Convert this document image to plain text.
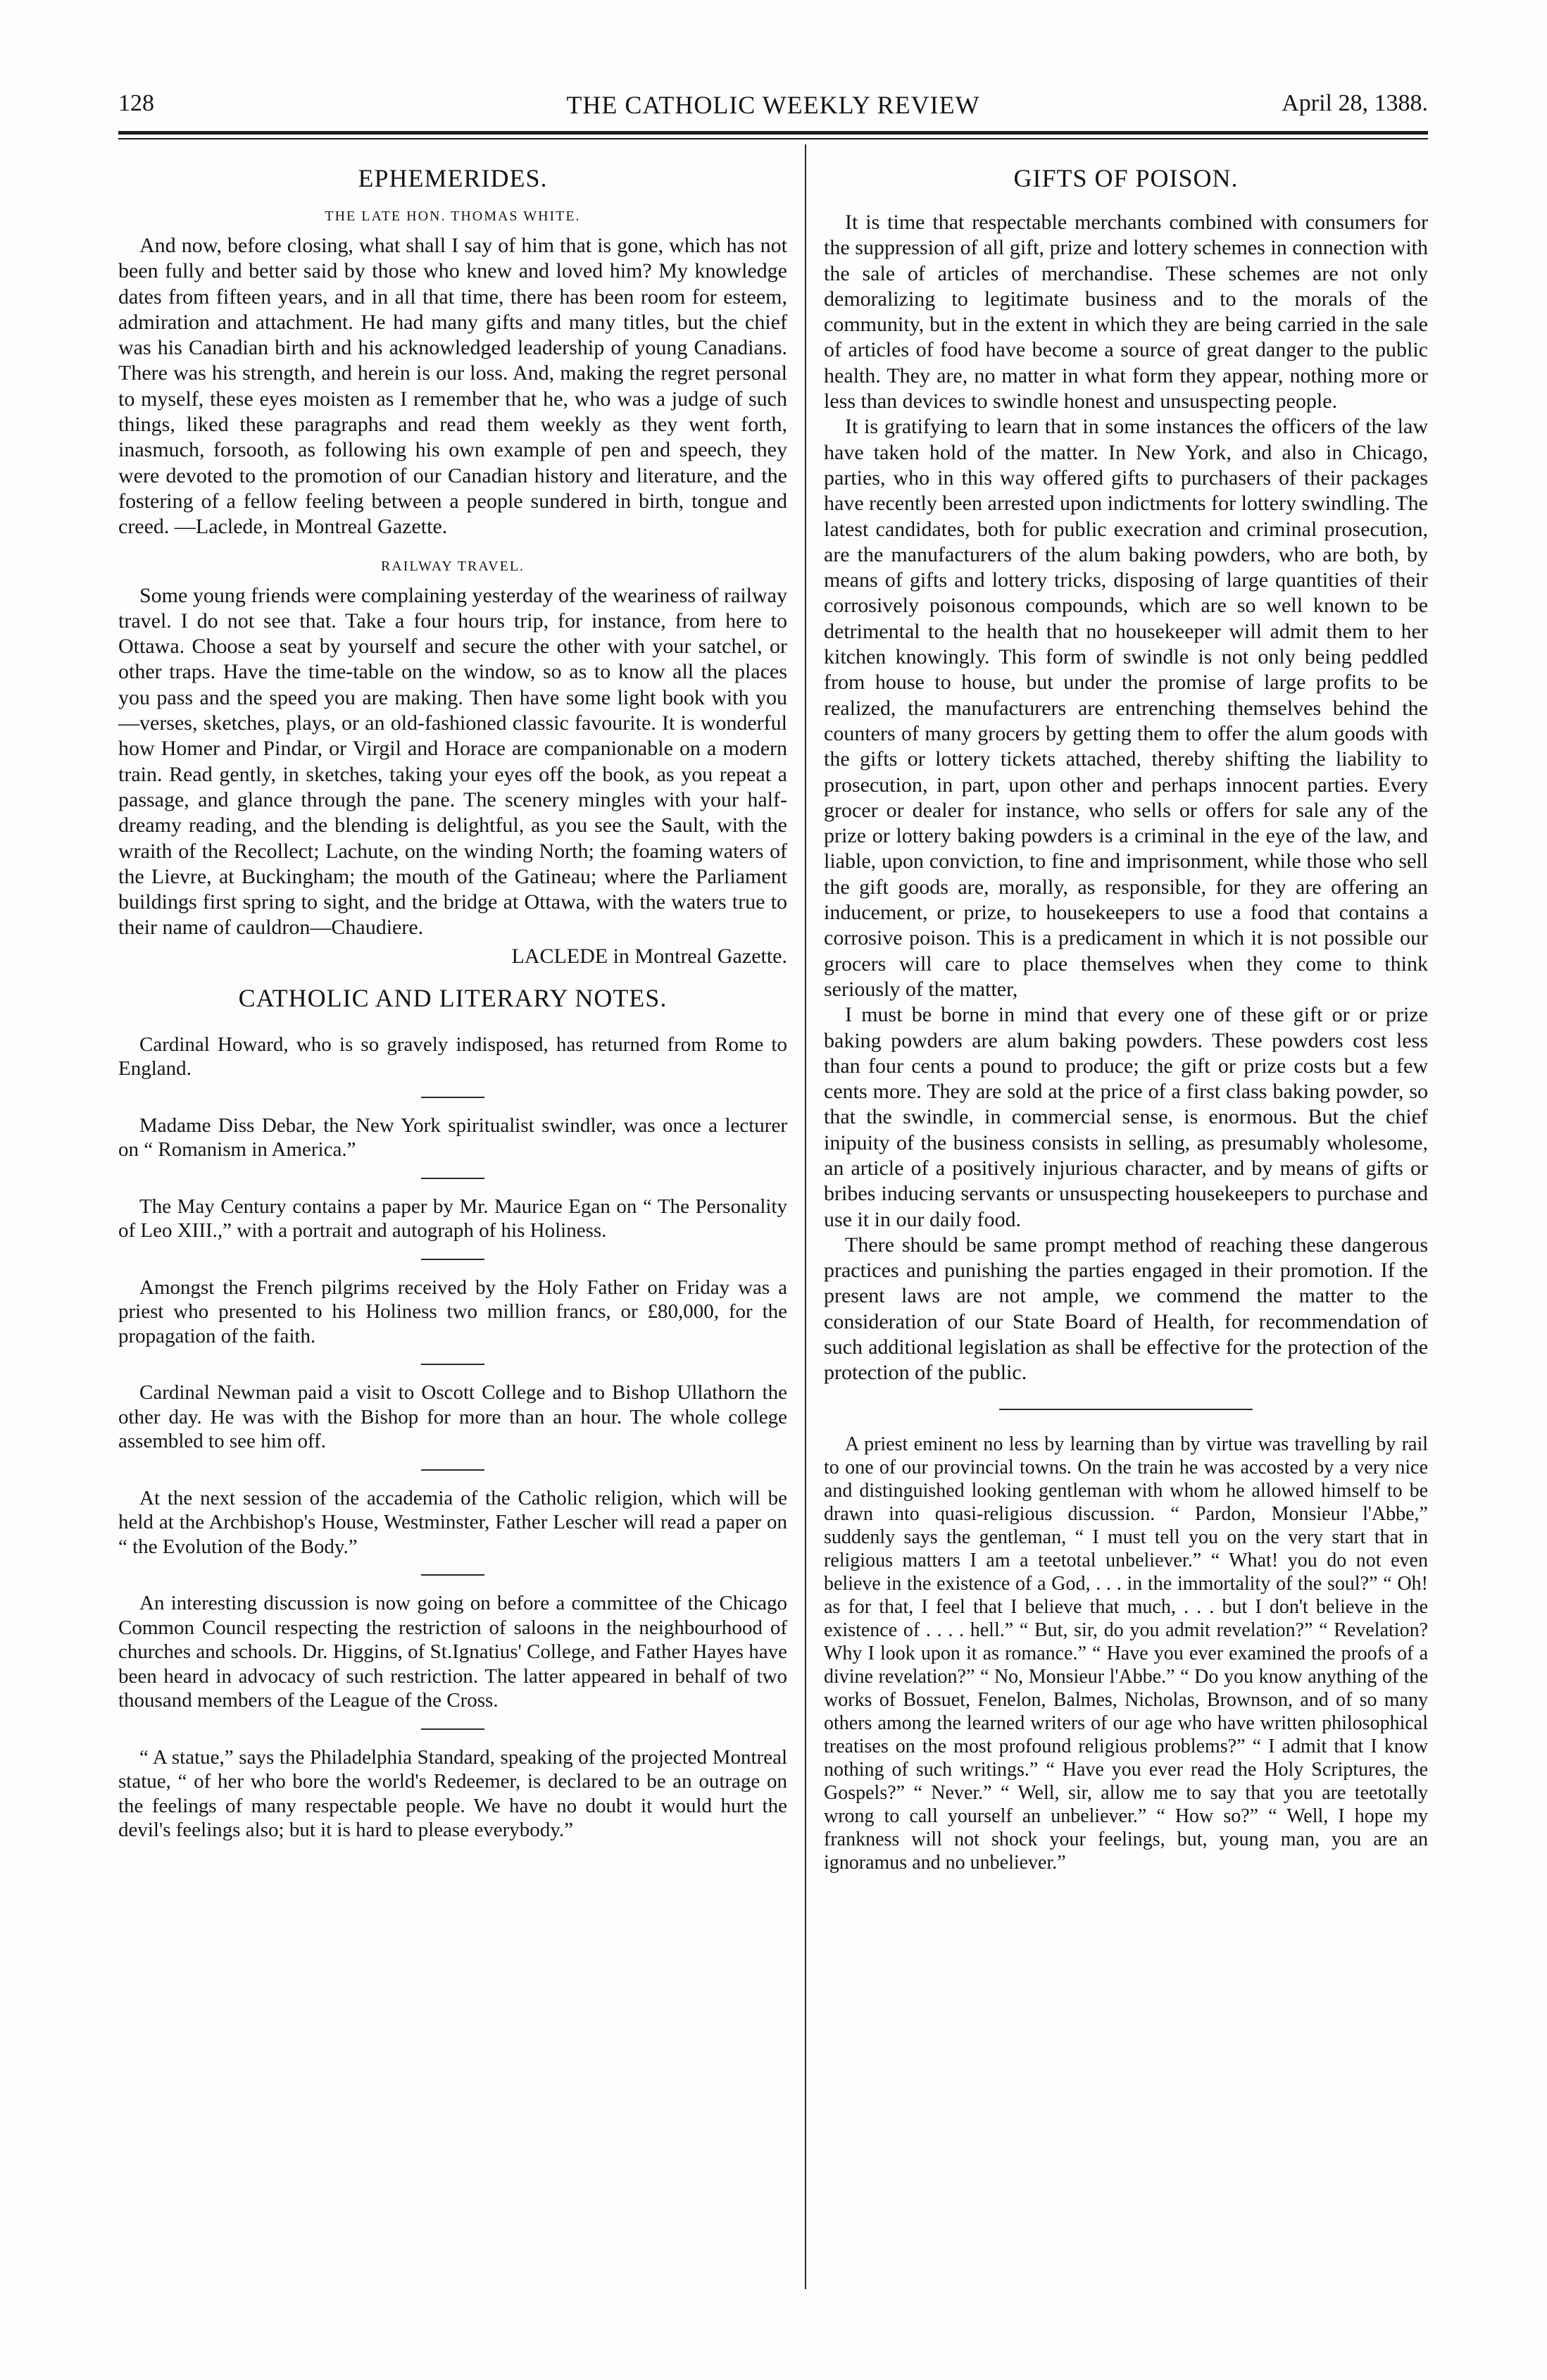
128	THE CATHOLIC WEEKLY REVIEW	April 28, 1388.
EPHEMERIDES.
THE LATE HON. THOMAS WHITE.

And now, before closing, what shall I say of him that is gone, which has not been fully and better said by those who knew and loved him? My knowledge dates from fifteen years, and in all that time, there has been room for esteem, admiration and attachment. He had many gifts and many titles, but the chief was his Canadian birth and his acknowledged leadership of young Canadians. There was his strength, and herein is our loss. And, making the regret personal to myself, these eyes moisten as I remember that he, who was a judge of such things, liked these paragraphs and read them weekly as they went forth, inasmuch, forsooth, as following his own example of pen and speech, they were devoted to the promotion of our Canadian history and literature, and the fostering of a fellow feeling between a people sundered in birth, tongue and creed. —Laclede, in Montreal Gazette.

RAILWAY TRAVEL.

Some young friends were complaining yesterday of the weariness of railway travel. I do not see that. Take a four hours trip, for instance, from here to Ottawa. Choose a seat by yourself and secure the other with your satchel, or other traps. Have the time-table on the window, so as to know all the places you pass and the speed you are making. Then have some light book with you—verses, sketches, plays, or an old-fashioned classic favourite. It is wonderful how Homer and Pindar, or Virgil and Horace are companionable on a modern train. Read gently, in sketches, taking your eyes off the book, as you repeat a passage, and glance through the pane. The scenery mingles with your half-dreamy reading, and the blending is delightful, as you see the Sault, with the wraith of the Recollect; Lachute, on the winding North; the foaming waters of the Lievre, at Buckingham; the mouth of the Gatineau; where the Parliament buildings first spring to sight, and the bridge at Ottawa, with the waters true to their name of cauldron—Chaudiere.

LACLEDE in Montreal Gazette.
CATHOLIC AND LITERARY NOTES.

Cardinal Howard, who is so gravely indisposed, has returned from Rome to England.

Madame Diss Debar, the New York spiritualist swindler, was once a lecturer on “ Romanism in America.”

The May Century contains a paper by Mr. Maurice Egan on “ The Personality of Leo XIII.,” with a portrait and autograph of his Holiness.

Amongst the French pilgrims received by the Holy Father on Friday was a priest who presented to his Holiness two million francs, or £80,000, for the propagation of the faith.

Cardinal Newman paid a visit to Oscott College and to Bishop Ullathorn the other day. He was with the Bishop for more than an hour. The whole college assembled to see him off.

At the next session of the accademia of the Catholic religion, which will be held at the Archbishop's House, Westminster, Father Lescher will read a paper on “ the Evolution of the Body.”

An interesting discussion is now going on before a committee of the Chicago Common Council respecting the restriction of saloons in the neighbourhood of churches and schools. Dr. Higgins, of St.Ignatius' College, and Father Hayes have been heard in advocacy of such restriction. The latter appeared in behalf of two thousand members of the League of the Cross.

“ A statue,” says the Philadelphia Standard, speaking of the projected Montreal statue, “ of her who bore the world's Redeemer, is declared to be an outrage on the feelings of many respectable people. We have no doubt it would hurt the devil's feelings also; but it is hard to please everybody.”

GIFTS OF POISON.

It is time that respectable merchants combined with consumers for the suppression of all gift, prize and lottery schemes in connection with the sale of articles of merchandise. These schemes are not only demoralizing to legitimate business and to the morals of the community, but in the extent in which they are being carried in the sale of articles of food have become a source of great danger to the public health. They are, no matter in what form they appear, nothing more or less than devices to swindle honest and unsuspecting people.

It is gratifying to learn that in some instances the officers of the law have taken hold of the matter. In New York, and also in Chicago, parties, who in this way offered gifts to purchasers of their packages have recently been arrested upon indictments for lottery swindling. The latest candidates, both for public execration and criminal prosecution, are the manufacturers of the alum baking powders, who are both, by means of gifts and lottery tricks, disposing of large quantities of their corrosively poisonous compounds, which are so well known to be detrimental to the health that no housekeeper will admit them to her kitchen knowingly. This form of swindle is not only being peddled from house to house, but under the promise of large profits to be realized, the manufacturers are entrenching themselves behind the counters of many grocers by getting them to offer the alum goods with the gifts or lottery tickets attached, thereby shifting the liability to prosecution, in part, upon other and perhaps innocent parties. Every grocer or dealer for instance, who sells or offers for sale any of the prize or lottery baking powders is a criminal in the eye of the law, and liable, upon conviction, to fine and imprisonment, while those who sell the gift goods are, morally, as responsible, for they are offering an inducement, or prize, to housekeepers to use a food that contains a corrosive poison. This is a predicament in which it is not possible our grocers will care to place themselves when they come to think seriously of the matter,

I must be borne in mind that every one of these gift or or prize baking powders are alum baking powders. These powders cost less than four cents a pound to produce; the gift or prize costs but a few cents more. They are sold at the price of a first class baking powder, so that the swindle, in commercial sense, is enormous. But the chief inipuity of the business consists in selling, as presumably wholesome, an article of a positively injurious character, and by means of gifts or bribes inducing servants or unsuspecting housekeepers to purchase and use it in our daily food.

There should be same prompt method of reaching these dangerous practices and punishing the parties engaged in their promotion. If the present laws are not ample, we commend the matter to the consideration of our State Board of Health, for recommendation of such additional legislation as shall be effective for the protection of the protection of the public.

A priest eminent no less by learning than by virtue was travelling by rail to one of our provincial towns. On the train he was accosted by a very nice and distinguished looking gentleman with whom he allowed himself to be drawn into quasi-religious discussion. “ Pardon, Monsieur l'Abbe,” suddenly says the gentleman, “ I must tell you on the very start that in religious matters I am a teetotal unbeliever.” “ What! you do not even believe in the existence of a God, . . . in the immortality of the soul?” “ Oh! as for that, I feel that I believe that much, . . . but I don't believe in the existence of . . . . hell.” “ But, sir, do you admit revelation?” “ Revelation? Why I look upon it as romance.” “ Have you ever examined the proofs of a divine revelation?” “ No, Monsieur l'Abbe.” “ Do you know anything of the works of Bossuet, Fenelon, Balmes, Nicholas, Brownson, and of so many others among the learned writers of our age who have written philosophical treatises on the most profound religious problems?” “ I admit that I know nothing of such writings.” “ Have you ever read the Holy Scriptures, the Gospels?” “ Never.” “ Well, sir, allow me to say that you are teetotally wrong to call yourself an unbeliever.” “ How so?” “ Well, I hope my frankness will not shock your feelings, but, young man, you are an ignoramus and no unbeliever.”
